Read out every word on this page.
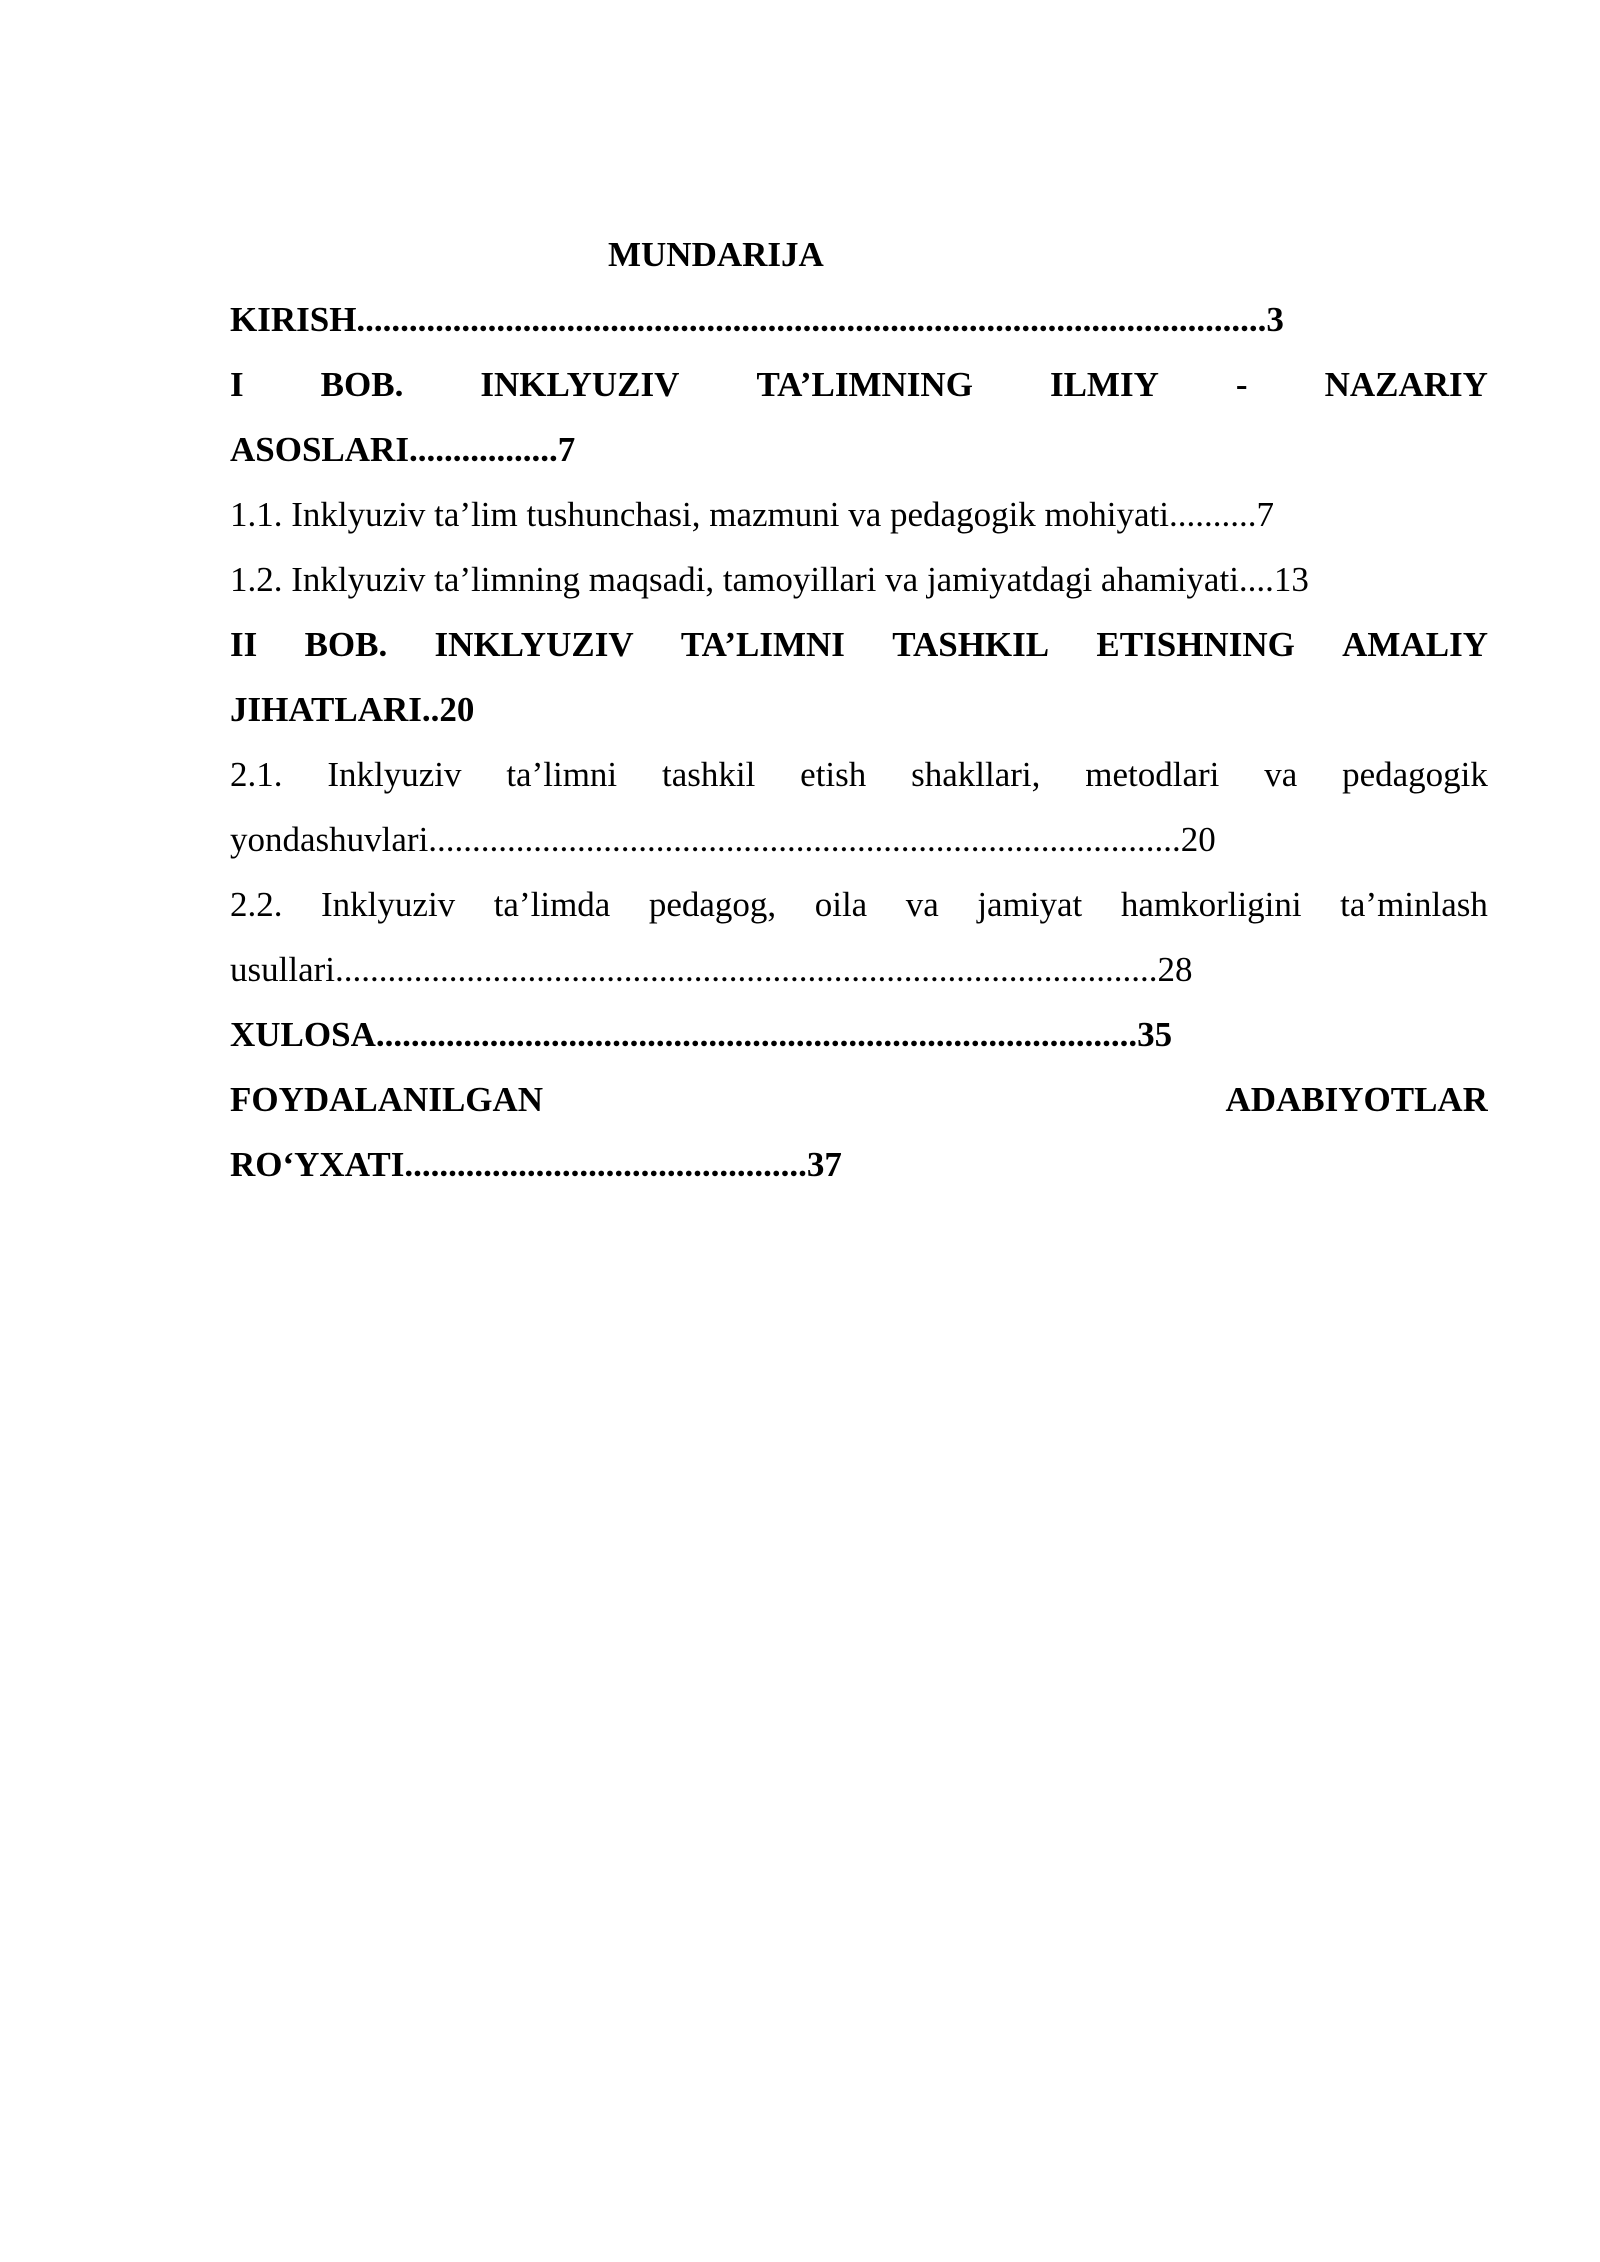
MUNDARIJA
KIRISH........................................................................................................3
I BOB. INKLYUZIV TA’LIMNING ILMIY - NAZARIY
ASOSLARI.................7
1.1. Inklyuziv ta’lim tushunchasi, mazmuni va pedagogik mohiyati..........7
1.2. Inklyuziv ta’limning maqsadi, tamoyillari va jamiyatdagi ahamiyati....13
II BOB. INKLYUZIV TA’LIMNI TASHKIL ETISHNING AMALIY
JIHATLARI..20
2.1. Inklyuziv ta’limni tashkil etish shakllari, metodlari va pedagogik
yondashuvlari......................................................................................20
2.2. Inklyuziv ta’limda pedagog, oila va jamiyat hamkorligini ta’minlash
usullari..............................................................................................28
XULOSA.......................................................................................35
FOYDALANILGAN	ADABIYOTLAR
RO‘YXATI..............................................37
